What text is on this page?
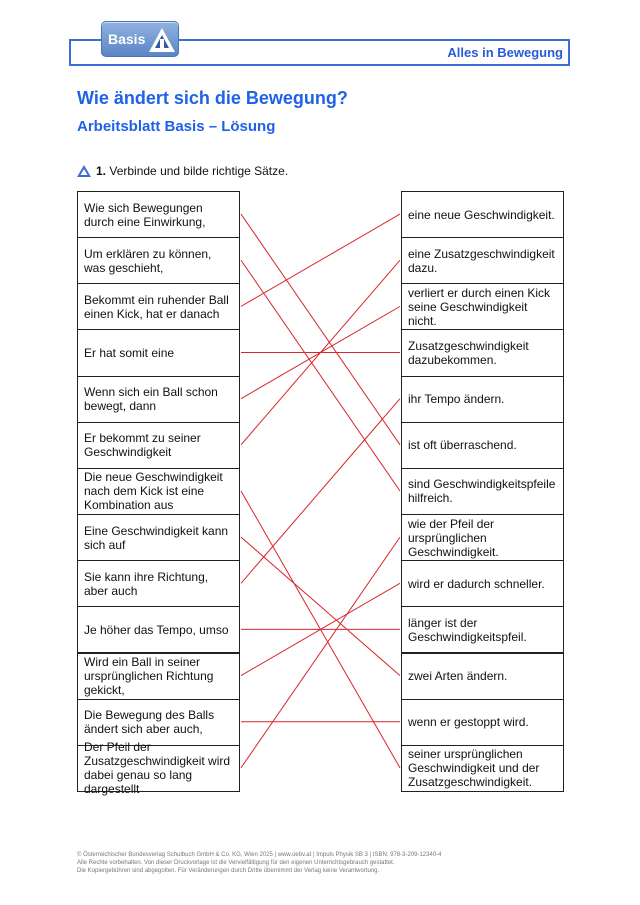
Basis
Alles in Bewegung
Wie ändert sich die Bewegung?
Arbeitsblatt Basis – Lösung
1. Verbinde und bilde richtige Sätze.
Wie sich Bewegungen durch eine Einwirkung,
Um erklären zu können, was geschieht,
Bekommt ein ruhender Ball einen Kick, hat er danach
Er hat somit eine
Wenn sich ein Ball schon bewegt, dann
Er bekommt zu seiner Geschwindigkeit
Die neue Geschwindigkeit nach dem Kick ist eine Kombination aus
Eine Geschwindigkeit kann sich auf
Sie kann ihre Richtung, aber auch
Je höher das Tempo, umso
Wird ein Ball in seiner ursprünglichen Richtung gekickt,
Die Bewegung des Balls ändert sich aber auch,
Der Pfeil der Zusatzgeschwindigkeit wird dabei genau so lang dargestellt
eine neue Geschwindigkeit.
eine Zusatzgeschwindigkeit dazu.
verliert er durch einen Kick seine Geschwindigkeit nicht.
Zusatzgeschwindigkeit dazubekommen.
ihr Tempo ändern.
ist oft überraschend.
sind Geschwindigkeitspfeile hilfreich.
wie der Pfeil der ursprünglichen Geschwindigkeit.
wird er dadurch schneller.
länger ist der Geschwindigkeitspfeil.
zwei Arten ändern.
wenn er gestoppt wird.
seiner ursprünglichen Geschwindigkeit und der Zusatzgeschwindigkeit.
© Österreichischer Bundesverlag Schulbuch GmbH & Co. KG, Wien 2025 | www.oebv.at | Impuls Physik SB 3 | ISBN: 978-3-209-12340-4
Alle Rechte vorbehalten. Von dieser Druckvorlage ist die Vervielfältigung für den eigenen Unterrichtsgebrauch gestattet.
Die Kopiergebühren sind abgegolten. Für Veränderungen durch Dritte übernimmt der Verlag keine Verantwortung.
